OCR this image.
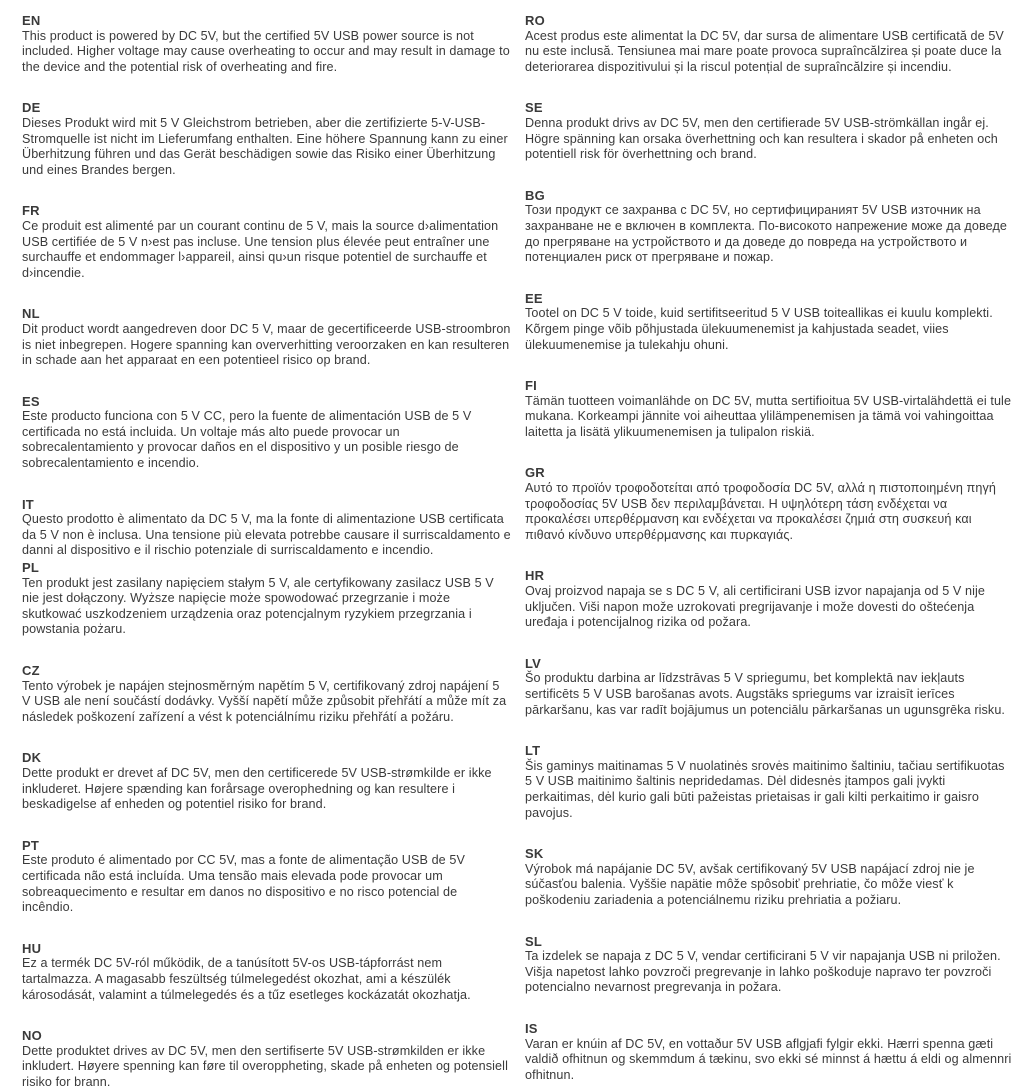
EN
This product is powered by DC 5V, but the certified 5V USB power source is not included. Higher voltage may cause overheating to occur and may result in damage to the device and the potential risk of overheating and fire.
DE
Dieses Produkt wird mit 5 V Gleichstrom betrieben, aber die zertifizierte 5-V-USB-Stromquelle ist nicht im Lieferumfang enthalten. Eine höhere Spannung kann zu einer Überhitzung führen und das Gerät beschädigen sowie das Risiko einer Überhitzung und eines Brandes bergen.
FR
Ce produit est alimenté par un courant continu de 5 V, mais la source d›alimentation USB certifiée de 5 V n›est pas incluse. Une tension plus élevée peut entraîner une surchauffe et endommager l›appareil, ainsi qu›un risque potentiel de surchauffe et d›incendie.
NL
Dit product wordt aangedreven door DC 5 V, maar de gecertificeerde USB-stroombron is niet inbegrepen. Hogere spanning kan oververhitting veroorzaken en kan resulteren in schade aan het apparaat en een potentieel risico op brand.
ES
Este producto funciona con 5 V CC, pero la fuente de alimentación USB de 5 V certificada no está incluida. Un voltaje más alto puede provocar un sobrecalentamiento y provocar daños en el dispositivo y un posible riesgo de sobrecalentamiento e incendio.
IT
Questo prodotto è alimentato da DC 5 V, ma la fonte di alimentazione USB certificata da 5 V non è inclusa. Una tensione più elevata potrebbe causare il surriscaldamento e danni al dispositivo e il rischio potenziale di surriscaldamento e incendio.
PL
Ten produkt jest zasilany napięciem stałym 5 V, ale certyfikowany zasilacz USB 5 V nie jest dołączony. Wyższe napięcie może spowodować przegrzanie i może skutkować uszkodzeniem urządzenia oraz potencjalnym ryzykiem przegrzania i powstania pożaru.
CZ
Tento výrobek je napájen stejnosměrným napětím 5 V, certifikovaný zdroj napájení 5 V USB ale není součástí dodávky. Vyšší napětí může způsobit přehřátí a může mít za následek poškození zařízení a vést k potenciálnímu riziku přehřátí a požáru.
DK
Dette produkt er drevet af DC 5V, men den certificerede 5V USB-strømkilde er ikke inkluderet. Højere spænding kan forårsage overophedning og kan resultere i beskadigelse af enheden og potentiel risiko for brand.
PT
Este produto é alimentado por CC 5V, mas a fonte de alimentação USB de 5V certificada não está incluída. Uma tensão mais elevada pode provocar um sobreaquecimento e resultar em danos no dispositivo e no risco potencial de incêndio.
HU
Ez a termék DC 5V-ról működik, de a tanúsított 5V-os USB-tápforrást nem tartalmazza. A magasabb feszültség túlmelegedést okozhat, ami a készülék károsodását, valamint a túlmelegedés és a tűz esetleges kockázatát okozhatja.
NO
Dette produktet drives av DC 5V, men den sertifiserte 5V USB-strømkilden er ikke inkludert. Høyere spenning kan føre til overoppheting, skade på enheten og potensiell risiko for brann.
RO
Acest produs este alimentat la DC 5V, dar sursa de alimentare USB certificată de 5V nu este inclusă. Tensiunea mai mare poate provoca supraîncălzirea și poate duce la deteriorarea dispozitivului și la riscul potențial de supraîncălzire și incendiu.
SE
Denna produkt drivs av DC 5V, men den certifierade 5V USB-strömkällan ingår ej. Högre spänning kan orsaka överhettning och kan resultera i skador på enheten och potentiell risk för överhettning och brand.
BG
Този продукт се захранва с DC 5V, но сертифицираният 5V USB източник на захранване не е включен в комплекта. По-високото напрежение може да доведе до прегряване на устройството и да доведе до повреда на устройството и потенциален риск от прегряване и пожар.
EE
Tootel on DC 5 V toide, kuid sertifitseeritud 5 V USB toiteallikas ei kuulu komplekti. Kõrgem pinge võib põhjustada ülekuumenemist ja kahjustada seadet, viies ülekuumenemise ja tulekahju ohuni.
FI
Tämän tuotteen voimanlähde on DC 5V, mutta sertifioitua 5V USB-virtalähdettä ei tule mukana. Korkeampi jännite voi aiheuttaa ylilämpenemisen ja tämä voi vahingoittaa laitetta ja lisätä ylikuumenemisen ja tulipalon riskiä.
GR
Αυτό το προϊόν τροφοδοτείται από τροφοδοσία DC 5V, αλλά η πιστοποιημένη πηγή τροφοδοσίας 5V USB δεν περιλαμβάνεται. Η υψηλότερη τάση ενδέχεται να προκαλέσει υπερθέρμανση και ενδέχεται να προκαλέσει ζημιά στη συσκευή και πιθανό κίνδυνο υπερθέρμανσης και πυρκαγιάς.
HR
Ovaj proizvod napaja se s DC 5 V, ali certificirani USB izvor napajanja od 5 V nije uključen. Viši napon može uzrokovati pregrijavanje i može dovesti do oštećenja uređaja i potencijalnog rizika od požara.
LV
Šo produktu darbina ar līdzstrāvas 5 V spriegumu, bet komplektā nav iekļauts sertificēts 5 V USB barošanas avots. Augstāks spriegums var izraisīt ierīces pārkaršanu, kas var radīt bojājumus un potenciālu pārkaršanas un ugunsgrēka risku.
LT
Šis gaminys maitinamas 5 V nuolatinės srovės maitinimo šaltiniu, tačiau sertifikuotas 5 V USB maitinimo šaltinis nepridedamas. Dėl didesnės įtampos gali įvykti perkaitimas, dėl kurio gali būti pažeistas prietaisas ir gali kilti perkaitimo ir gaisro pavojus.
SK
Výrobok má napájanie DC 5V, avšak certifikovaný 5V USB napájací zdroj nie je súčasťou balenia. Vyššie napätie môže spôsobiť prehriatie, čo môže viesť k poškodeniu zariadenia a potenciálnemu riziku prehriatia a požiaru.
SL
Ta izdelek se napaja z DC 5 V, vendar certificirani 5 V vir napajanja USB ni priložen. Višja napetost lahko povzroči pregrevanje in lahko poškoduje napravo ter povzroči potencialno nevarnost pregrevanja in požara.
IS
Varan er knúin af DC 5V, en vottaður 5V USB aflgjafi fylgir ekki. Hærri spenna gæti valdið ofhitnun og skemmdum á tækinu, svo ekki sé minnst á hættu á eldi og almennri ofhitnun.
